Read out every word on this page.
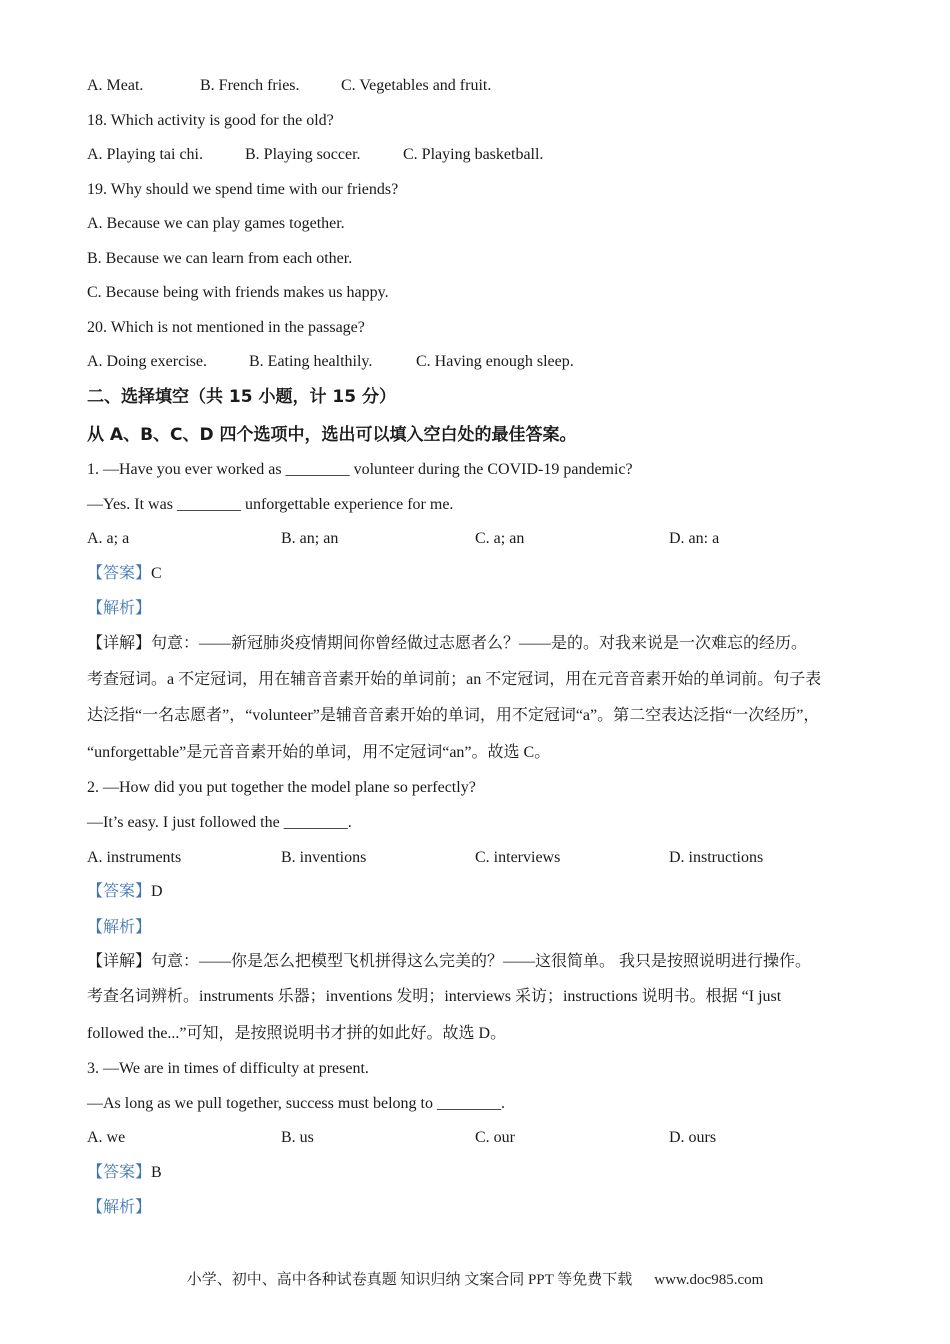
A. Meat.	B. French fries.	C. Vegetables and fruit.
18. Which activity is good for the old?
A. Playing tai chi.	B. Playing soccer.	C. Playing basketball.
19. Why should we spend time with our friends?
A. Because we can play games together.
B. Because we can learn from each other.
C. Because being with friends makes us happy.
20. Which is not mentioned in the passage?
A. Doing exercise.	B. Eating healthily.	C. Having enough sleep.
二、选择填空（共 15 小题，计 15 分）
从 A、B、C、D 四个选项中，选出可以填入空白处的最佳答案。
1. —Have you ever worked as ________ volunteer during the COVID-19 pandemic?
—Yes. It was ________ unforgettable experience for me.
A. a; a	B. an; an	C. a; an	D. an: a
【答案】C
【解析】
【详解】句意：——新冠肺炎疫情期间你曾经做过志愿者么？——是的。对我来说是一次难忘的经历。
考查冠词。a 不定冠词，用在辅音音素开始的单词前；an 不定冠词，用在元音音素开始的单词前。句子表
达泛指“一名志愿者”，“volunteer”是辅音音素开始的单词，用不定冠词“a”。第二空表达泛指“一次经历”，
“unforgettable”是元音音素开始的单词，用不定冠词“an”。故选 C。
2. —How did you put together the model plane so perfectly?
—It’s easy. I just followed the ________.
A. instruments	B. inventions	C. interviews	D. instructions
【答案】D
【解析】
【详解】句意：——你是怎么把模型飞机拼得这么完美的？——这很简单。 我只是按照说明进行操作。
考查名词辨析。instruments 乐器；inventions 发明；interviews 采访；instructions 说明书。根据 “I just
followed the...”可知，是按照说明书才拼的如此好。故选 D。
3. —We are in times of difficulty at present.
—As long as we pull together, success must belong to ________.
A. we	B. us	C. our	D. ours
【答案】B
【解析】
小学、初中、高中各种试卷真题 知识归纳 文案合同 PPT 等免费下载 www.doc985.com
